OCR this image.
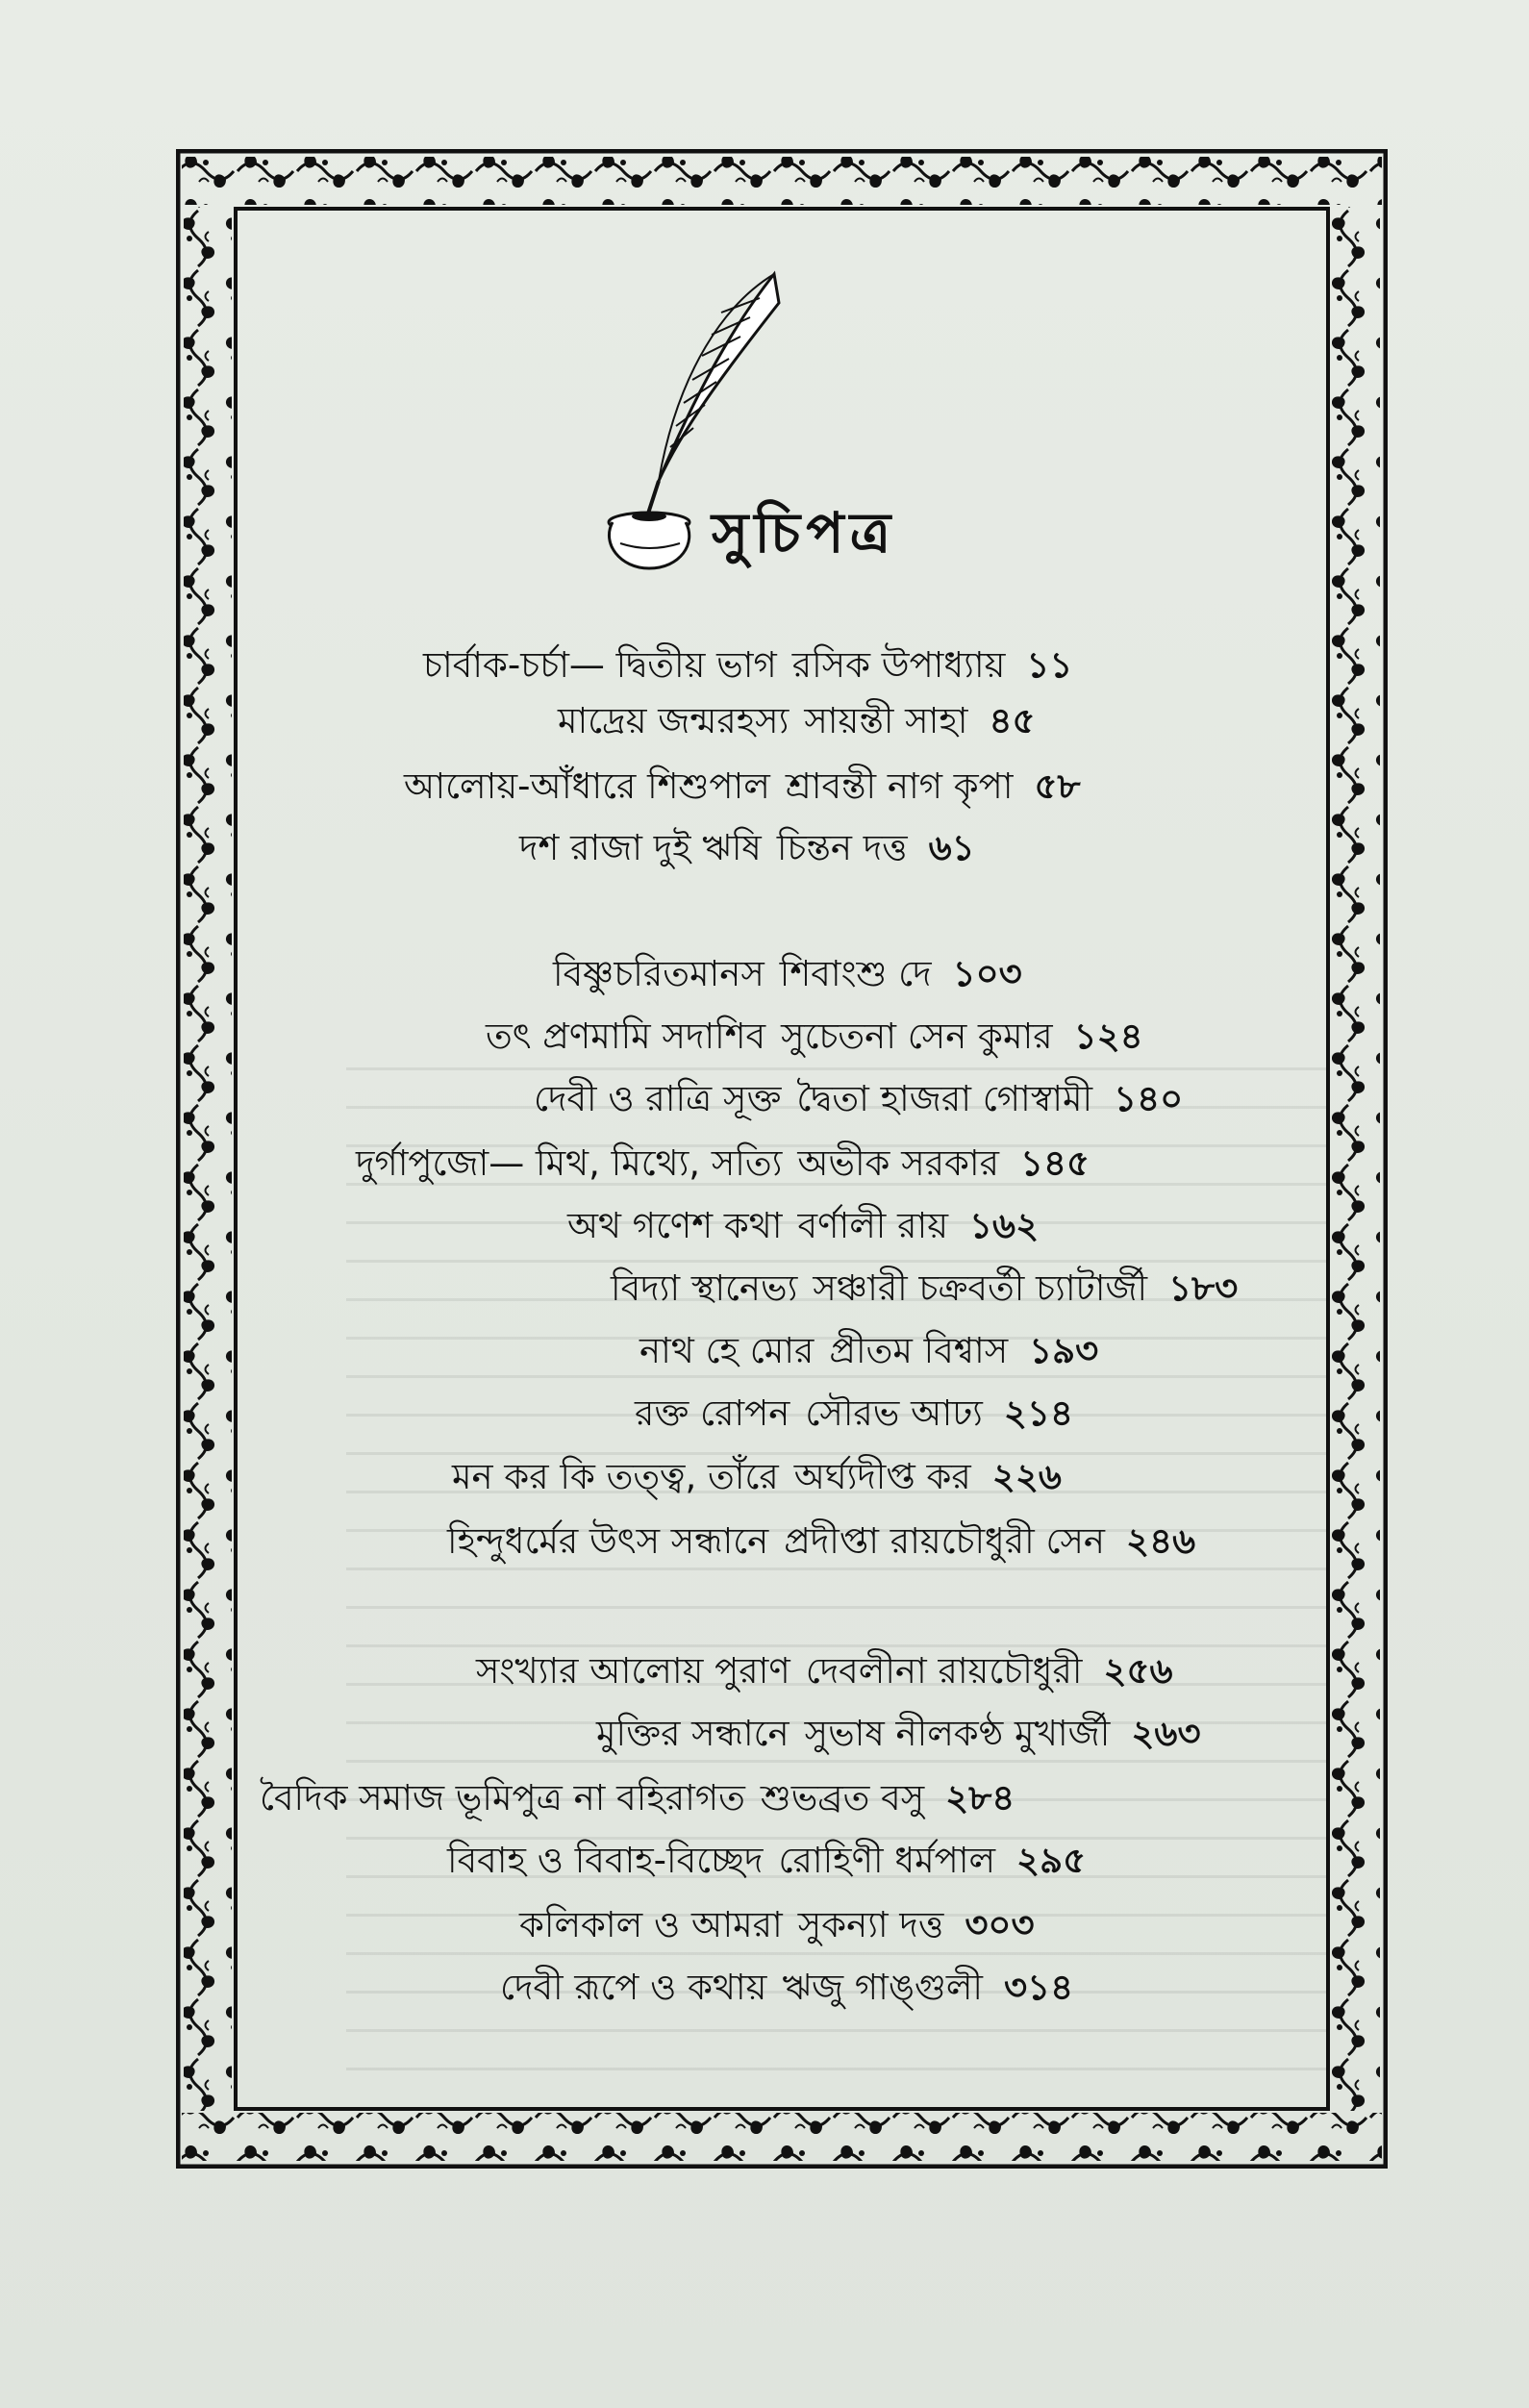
সুচিপত্র
চার্বাক-চর্চা— দ্বিতীয় ভাগ রসিক উপাধ্যায় ১১
মাদ্রেয় জন্মরহস্য সায়ন্তী সাহা ৪৫
আলোয়-আঁধারে শিশুপাল শ্রাবন্তী নাগ কৃপা ৫৮
দশ রাজা দুই ঋষি চিন্তন দত্ত ৬১
বিষ্ণুচরিতমানস শিবাংশু দে ১০৩
তৎ প্রণমামি সদাশিব সুচেতনা সেন কুমার ১২৪
দেবী ও রাত্রি সূক্ত দ্বৈতা হাজরা গোস্বামী ১৪০
দুর্গাপুজো— মিথ, মিথ্যে, সত্যি অভীক সরকার ১৪৫
অথ গণেশ কথা বর্ণালী রায় ১৬২
বিদ্যা স্থানেভ্য সঞ্চারী চক্রবর্তী চ্যাটার্জী ১৮৩
নাথ হে মোর প্রীতম বিশ্বাস ১৯৩
রক্ত রোপন সৌরভ আঢ্য ২১৪
মন কর কি তত্ত্ব, তাঁরে অর্ঘ্যদীপ্ত কর ২২৬
হিন্দুধর্মের উৎস সন্ধানে প্রদীপ্তা রায়চৌধুরী সেন ২৪৬
সংখ্যার আলোয় পুরাণ দেবলীনা রায়চৌধুরী ২৫৬
মুক্তির সন্ধানে সুভাষ নীলকণ্ঠ মুখার্জী ২৬৩
বৈদিক সমাজ ভূমিপুত্র না বহিরাগত শুভব্রত বসু ২৮৪
বিবাহ ও বিবাহ-বিচ্ছেদ রোহিণী ধর্মপাল ২৯৫
কলিকাল ও আমরা সুকন্যা দত্ত ৩০৩
দেবী রূপে ও কথায় ঋজু গাঙ্গুলী ৩১৪
